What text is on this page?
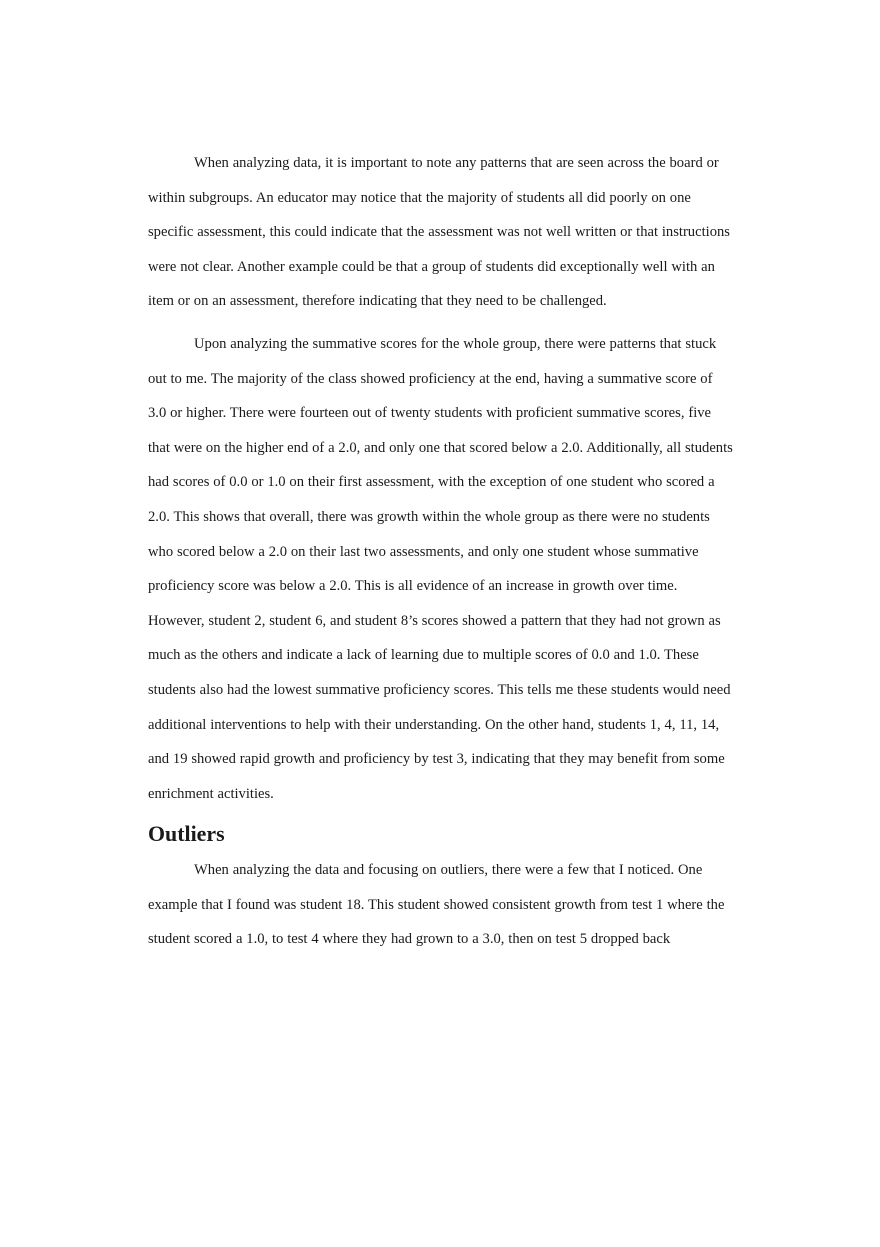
When analyzing data, it is important to note any patterns that are seen across the board or within subgroups. An educator may notice that the majority of students all did poorly on one specific assessment, this could indicate that the assessment was not well written or that instructions were not clear. Another example could be that a group of students did exceptionally well with an item or on an assessment, therefore indicating that they need to be challenged.

Upon analyzing the summative scores for the whole group, there were patterns that stuck out to me. The majority of the class showed proficiency at the end, having a summative score of 3.0 or higher. There were fourteen out of twenty students with proficient summative scores, five that were on the higher end of a 2.0, and only one that scored below a 2.0. Additionally, all students had scores of 0.0 or 1.0 on their first assessment, with the exception of one student who scored a 2.0. This shows that overall, there was growth within the whole group as there were no students who scored below a 2.0 on their last two assessments, and only one student whose summative proficiency score was below a 2.0. This is all evidence of an increase in growth over time. However, student 2, student 6, and student 8’s scores showed a pattern that they had not grown as much as the others and indicate a lack of learning due to multiple scores of 0.0 and 1.0. These students also had the lowest summative proficiency scores. This tells me these students would need additional interventions to help with their understanding. On the other hand, students 1, 4, 11, 14, and 19 showed rapid growth and proficiency by test 3, indicating that they may benefit from some enrichment activities.

Outliers

When analyzing the data and focusing on outliers, there were a few that I noticed. One example that I found was student 18. This student showed consistent growth from test 1 where the student scored a 1.0, to test 4 where they had grown to a 3.0, then on test 5 dropped back
